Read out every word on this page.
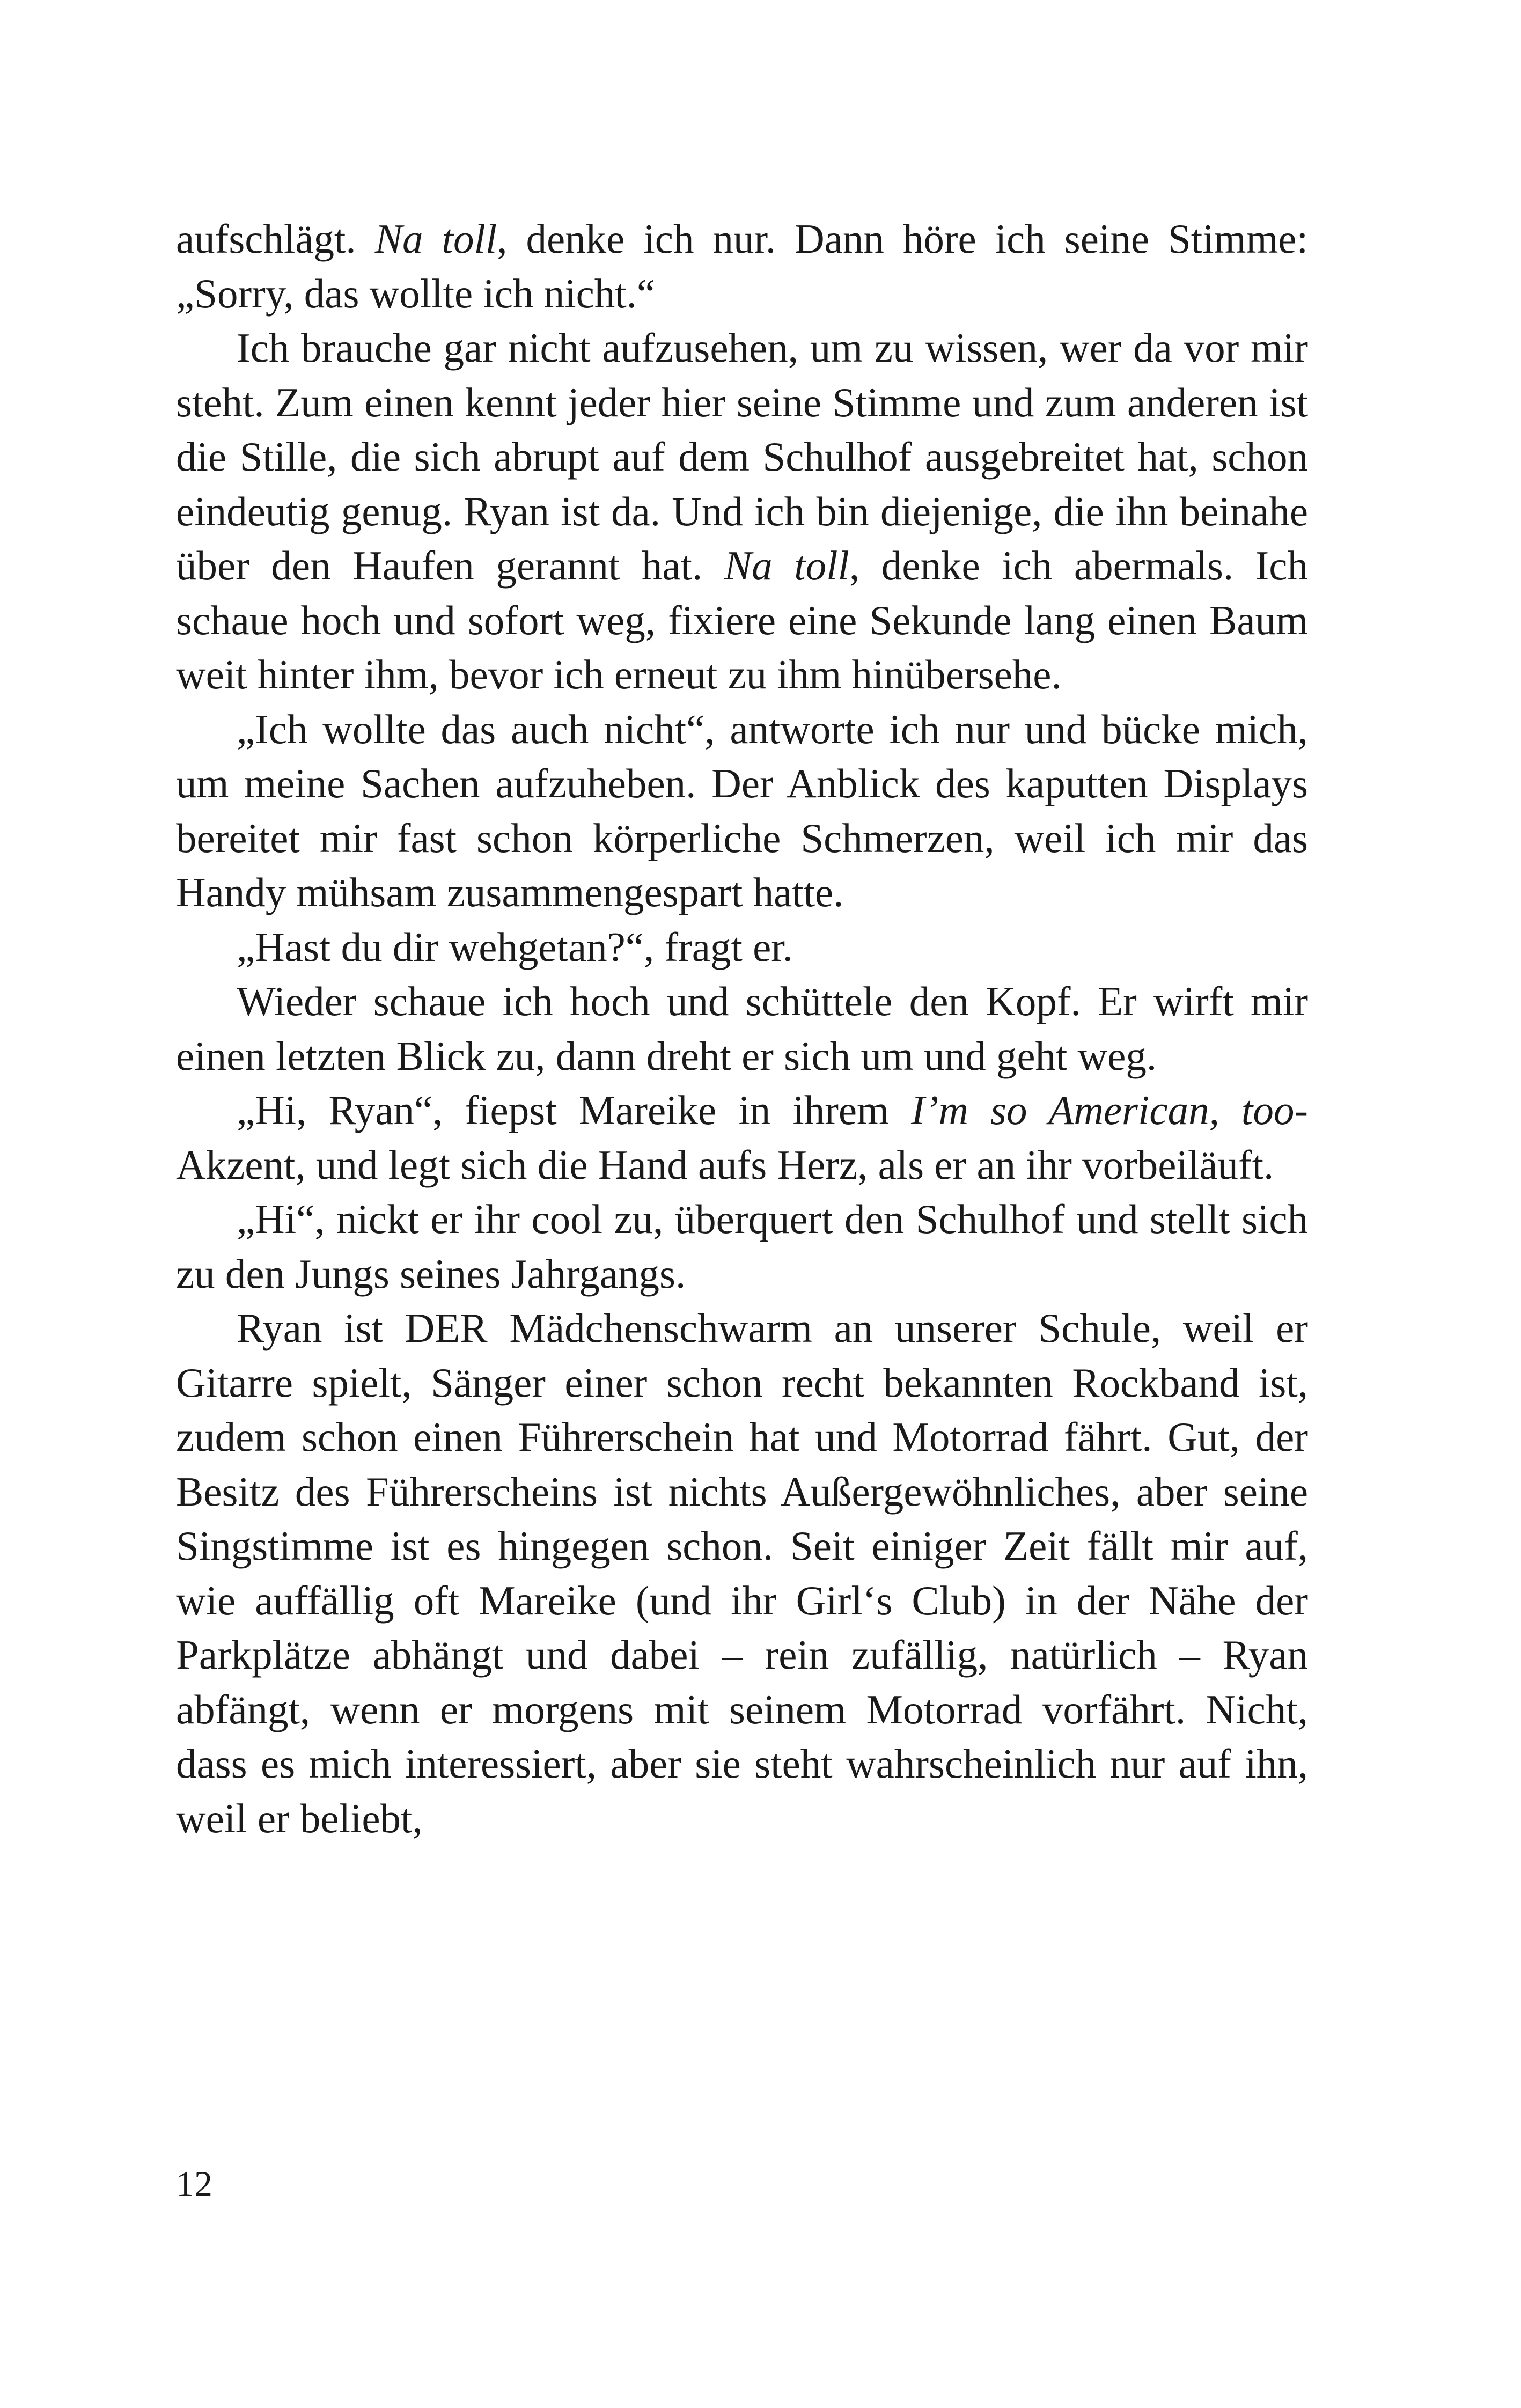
aufschlägt. Na toll, denke ich nur. Dann höre ich seine Stimme: „Sorry, das wollte ich nicht.“

Ich brauche gar nicht aufzusehen, um zu wissen, wer da vor mir steht. Zum einen kennt jeder hier seine Stimme und zum anderen ist die Stille, die sich abrupt auf dem Schulhof ausgebreitet hat, schon eindeutig genug. Ryan ist da. Und ich bin diejenige, die ihn beinahe über den Haufen gerannt hat. Na toll, denke ich abermals. Ich schaue hoch und sofort weg, fixiere eine Sekunde lang einen Baum weit hinter ihm, bevor ich erneut zu ihm hinübersehe.

„Ich wollte das auch nicht“, antworte ich nur und bücke mich, um meine Sachen aufzuheben. Der Anblick des kaputten Displays bereitet mir fast schon körperliche Schmerzen, weil ich mir das Handy mühsam zusammengespart hatte.

„Hast du dir wehgetan?“, fragt er.

Wieder schaue ich hoch und schüttele den Kopf. Er wirft mir einen letzten Blick zu, dann dreht er sich um und geht weg.

„Hi, Ryan“, fiepst Mareike in ihrem I’m so American, too-Akzent, und legt sich die Hand aufs Herz, als er an ihr vorbeiläuft.

„Hi“, nickt er ihr cool zu, überquert den Schulhof und stellt sich zu den Jungs seines Jahrgangs.

Ryan ist DER Mädchenschwarm an unserer Schule, weil er Gitarre spielt, Sänger einer schon recht bekannten Rockband ist, zudem schon einen Führerschein hat und Motorrad fährt. Gut, der Besitz des Führerscheins ist nichts Außergewöhnliches, aber seine Singstimme ist es hingegen schon. Seit einiger Zeit fällt mir auf, wie auffällig oft Mareike (und ihr Girl‘s Club) in der Nähe der Parkplätze abhängt und dabei – rein zufällig, natürlich – Ryan abfängt, wenn er morgens mit seinem Motorrad vorfährt. Nicht, dass es mich interessiert, aber sie steht wahrscheinlich nur auf ihn, weil er beliebt,

12
